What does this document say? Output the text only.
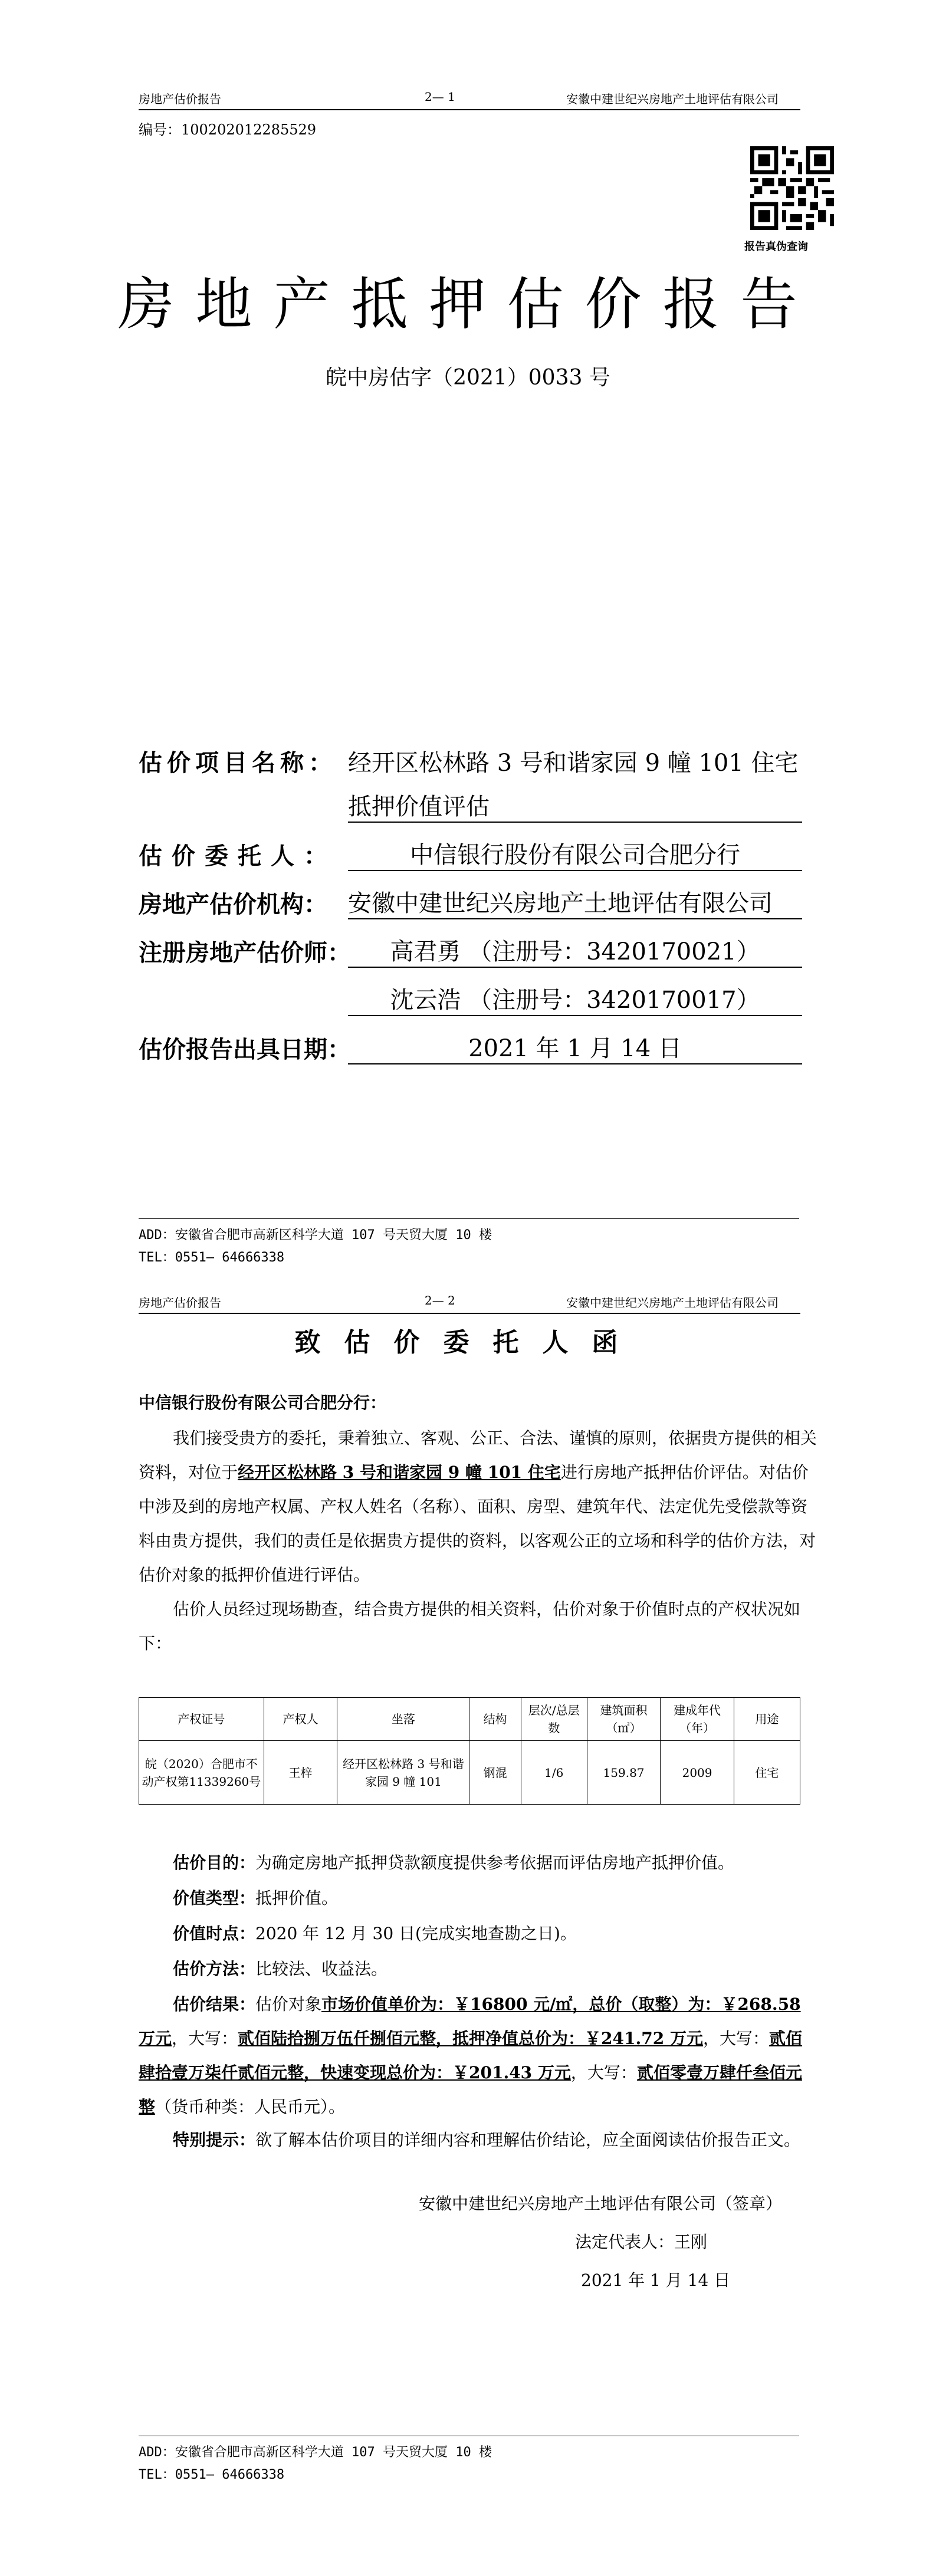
房地产估价报告	2— 1	安徽中建世纪兴房地产土地评估有限公司
编号：100202012285529
报告真伪查询
房地产抵押估价报告
皖中房估字（2021）0033 号
估价项目名称： 经开区松林路 3 号和谐家园 9 幢 101 住宅
抵押价值评估
估价委托人：	中信银行股份有限公司合肥分行
房地产估价机构： 安徽中建世纪兴房地产土地评估有限公司
注册房地产估价师：	高君勇 （注册号：3420170021）
沈云浩 （注册号：3420170017）
估价报告出具日期：	2021 年 1 月 14 日
ADD：安徽省合肥市高新区科学大道 107 号天贸大厦 10 楼
TEL：0551— 64666338
房地产估价报告	2— 2	安徽中建世纪兴房地产土地评估有限公司
致估价委托人函
中信银行股份有限公司合肥分行：
我们接受贵方的委托，秉着独立、客观、公正、合法、谨慎的原则，依据贵方提供的相关资料，对位于经开区松林路 3 号和谐家园 9 幢 101 住宅进行房地产抵押估价评估。对估价中涉及到的房地产权属、产权人姓名（名称）、面积、房型、建筑年代、法定优先受偿款等资料由贵方提供，我们的责任是依据贵方提供的资料，以客观公正的立场和科学的估价方法，对估价对象的抵押价值进行评估。
估价人员经过现场勘查，结合贵方提供的相关资料，估价对象于价值时点的产权状况如下：
产权证号	产权人	坐落	结构	层次/总层数	建筑面积（㎡）	建成年代（年）	用途
皖（2020）合肥市不动产权第11339260号	王梓	经开区松林路 3 号和谐家园 9 幢 101	钢混	1/6	159.87	2009	住宅
估价目的：为确定房地产抵押贷款额度提供参考依据而评估房地产抵押价值。
价值类型：抵押价值。
价值时点：2020 年 12 月 30 日(完成实地查勘之日)。
估价方法：比较法、收益法。
估价结果：估价对象市场价值单价为：￥16800 元/㎡，总价（取整）为：￥268.58 万元，大写：贰佰陆拾捌万伍仟捌佰元整，抵押净值总价为：￥241.72 万元，大写：贰佰肆拾壹万柒仟贰佰元整，快速变现总价为：￥201.43 万元，大写：贰佰零壹万肆仟叁佰元整（货币种类：人民币元）。
特别提示：欲了解本估价项目的详细内容和理解估价结论，应全面阅读估价报告正文。
安徽中建世纪兴房地产土地评估有限公司（签章）
法定代表人：王刚
2021 年 1 月 14 日
ADD：安徽省合肥市高新区科学大道 107 号天贸大厦 10 楼
TEL：0551— 64666338
